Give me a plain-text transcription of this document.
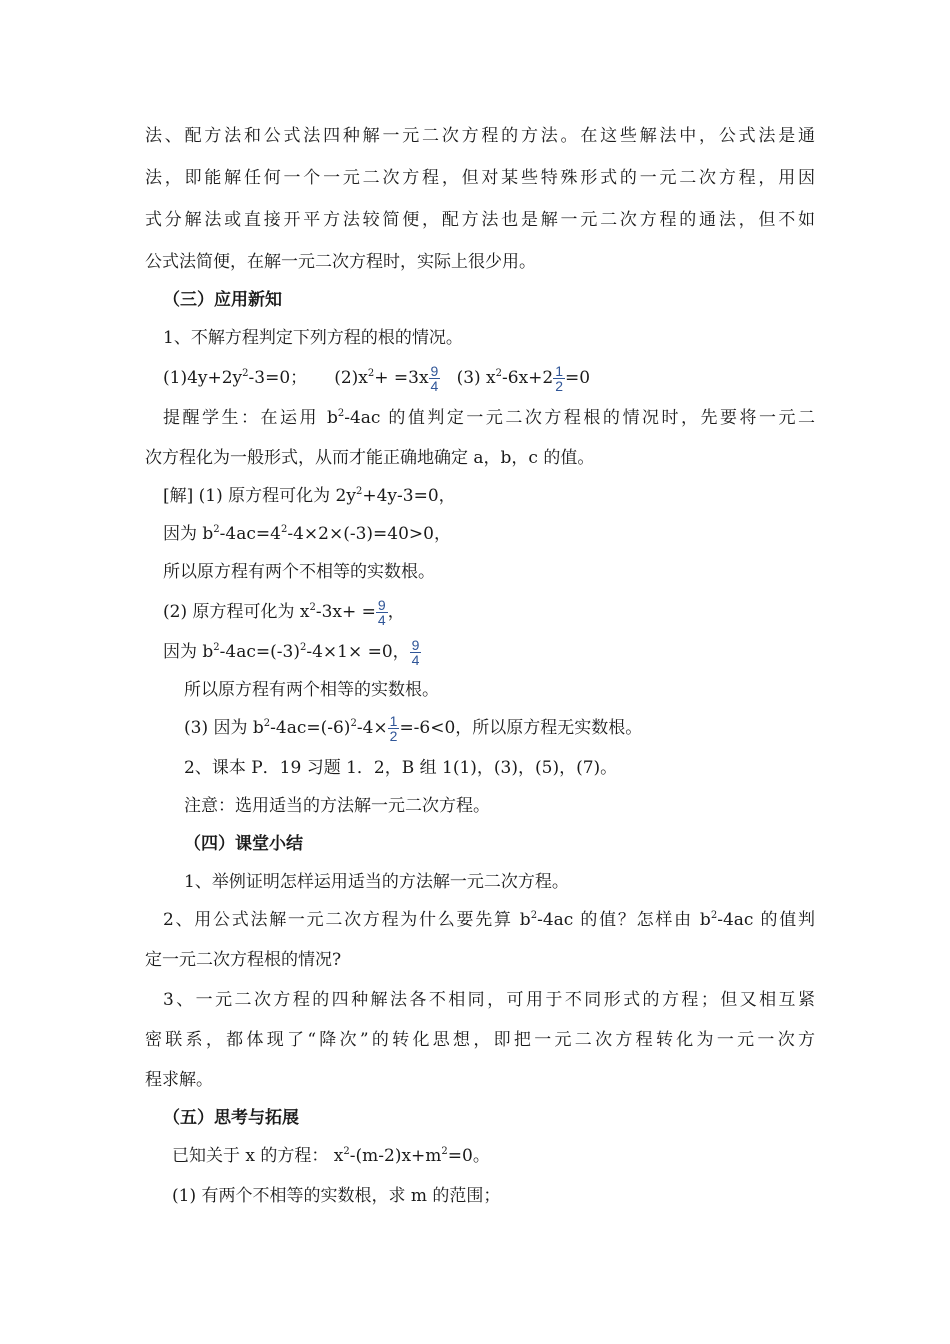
法、配方法和公式法四种解一元二次方程的方法。在这些解法中，公式法是通
法，即能解任何一个一元二次方程，但对某些特殊形式的一元二次方程，用因
式分解法或直接开平方法较简便，配方法也是解一元二次方程的通法，但不如
公式法简便，在解一元二次方程时，实际上很少用。
（三）应用新知
1、不解方程判定下列方程的根的情况。
$(1)4y+2y^2-3=0$； $(2)x^2+ =3x \frac{9}{4} (3)$ $x^2-6x+2 \frac{1}{2} =0$
提醒学生：在运用 $b^2-4ac$ 的值判定一元二次方程根的情况时，先要将一元二
次方程化为一般形式，从而才能正确地确定 a，b，c 的值。
[解] (1) 原方程可化为 $2y^2+4y-3=0$，
因为 $b^2-4ac=4^2-4\times 2\times(-3)=40>0$，
所以原方程有两个不相等的实数根。
(2) 原方程可化为 $x^2-3x+ = \frac{9}{4}$ ，
因为 $b^2-4ac=(-3)^2-4\times 1\times =0$， $\frac{9}{4}$
所以原方程有两个相等的实数根。
(3) 因为 $b^2-4ac=(-6)^2-4\times \frac{1}{2} =-6<0$，所以原方程无实数根。
2、课本 P．19 习题 1．2，B 组 1(1)，(3)，(5)，(7)。
注意：选用适当的方法解一元二次方程。
（四）课堂小结
1、举例证明怎样运用适当的方法解一元二次方程。
2、用公式法解一元二次方程为什么要先算 $b^2-4ac$ 的值？怎样由 $b^2-4ac$ 的值判
定一元二次方程根的情况?
3、一元二次方程的四种解法各不相同，可用于不同形式的方程；但又相互紧
密联系，都体现了“降次”的转化思想，即把一元二次方程转化为一元一次方
程求解。
（五）思考与拓展
已知关于 x 的方程： $x^2-(m-2)x+m^2=0$。
(1) 有两个不相等的实数根，求 m 的范围；
